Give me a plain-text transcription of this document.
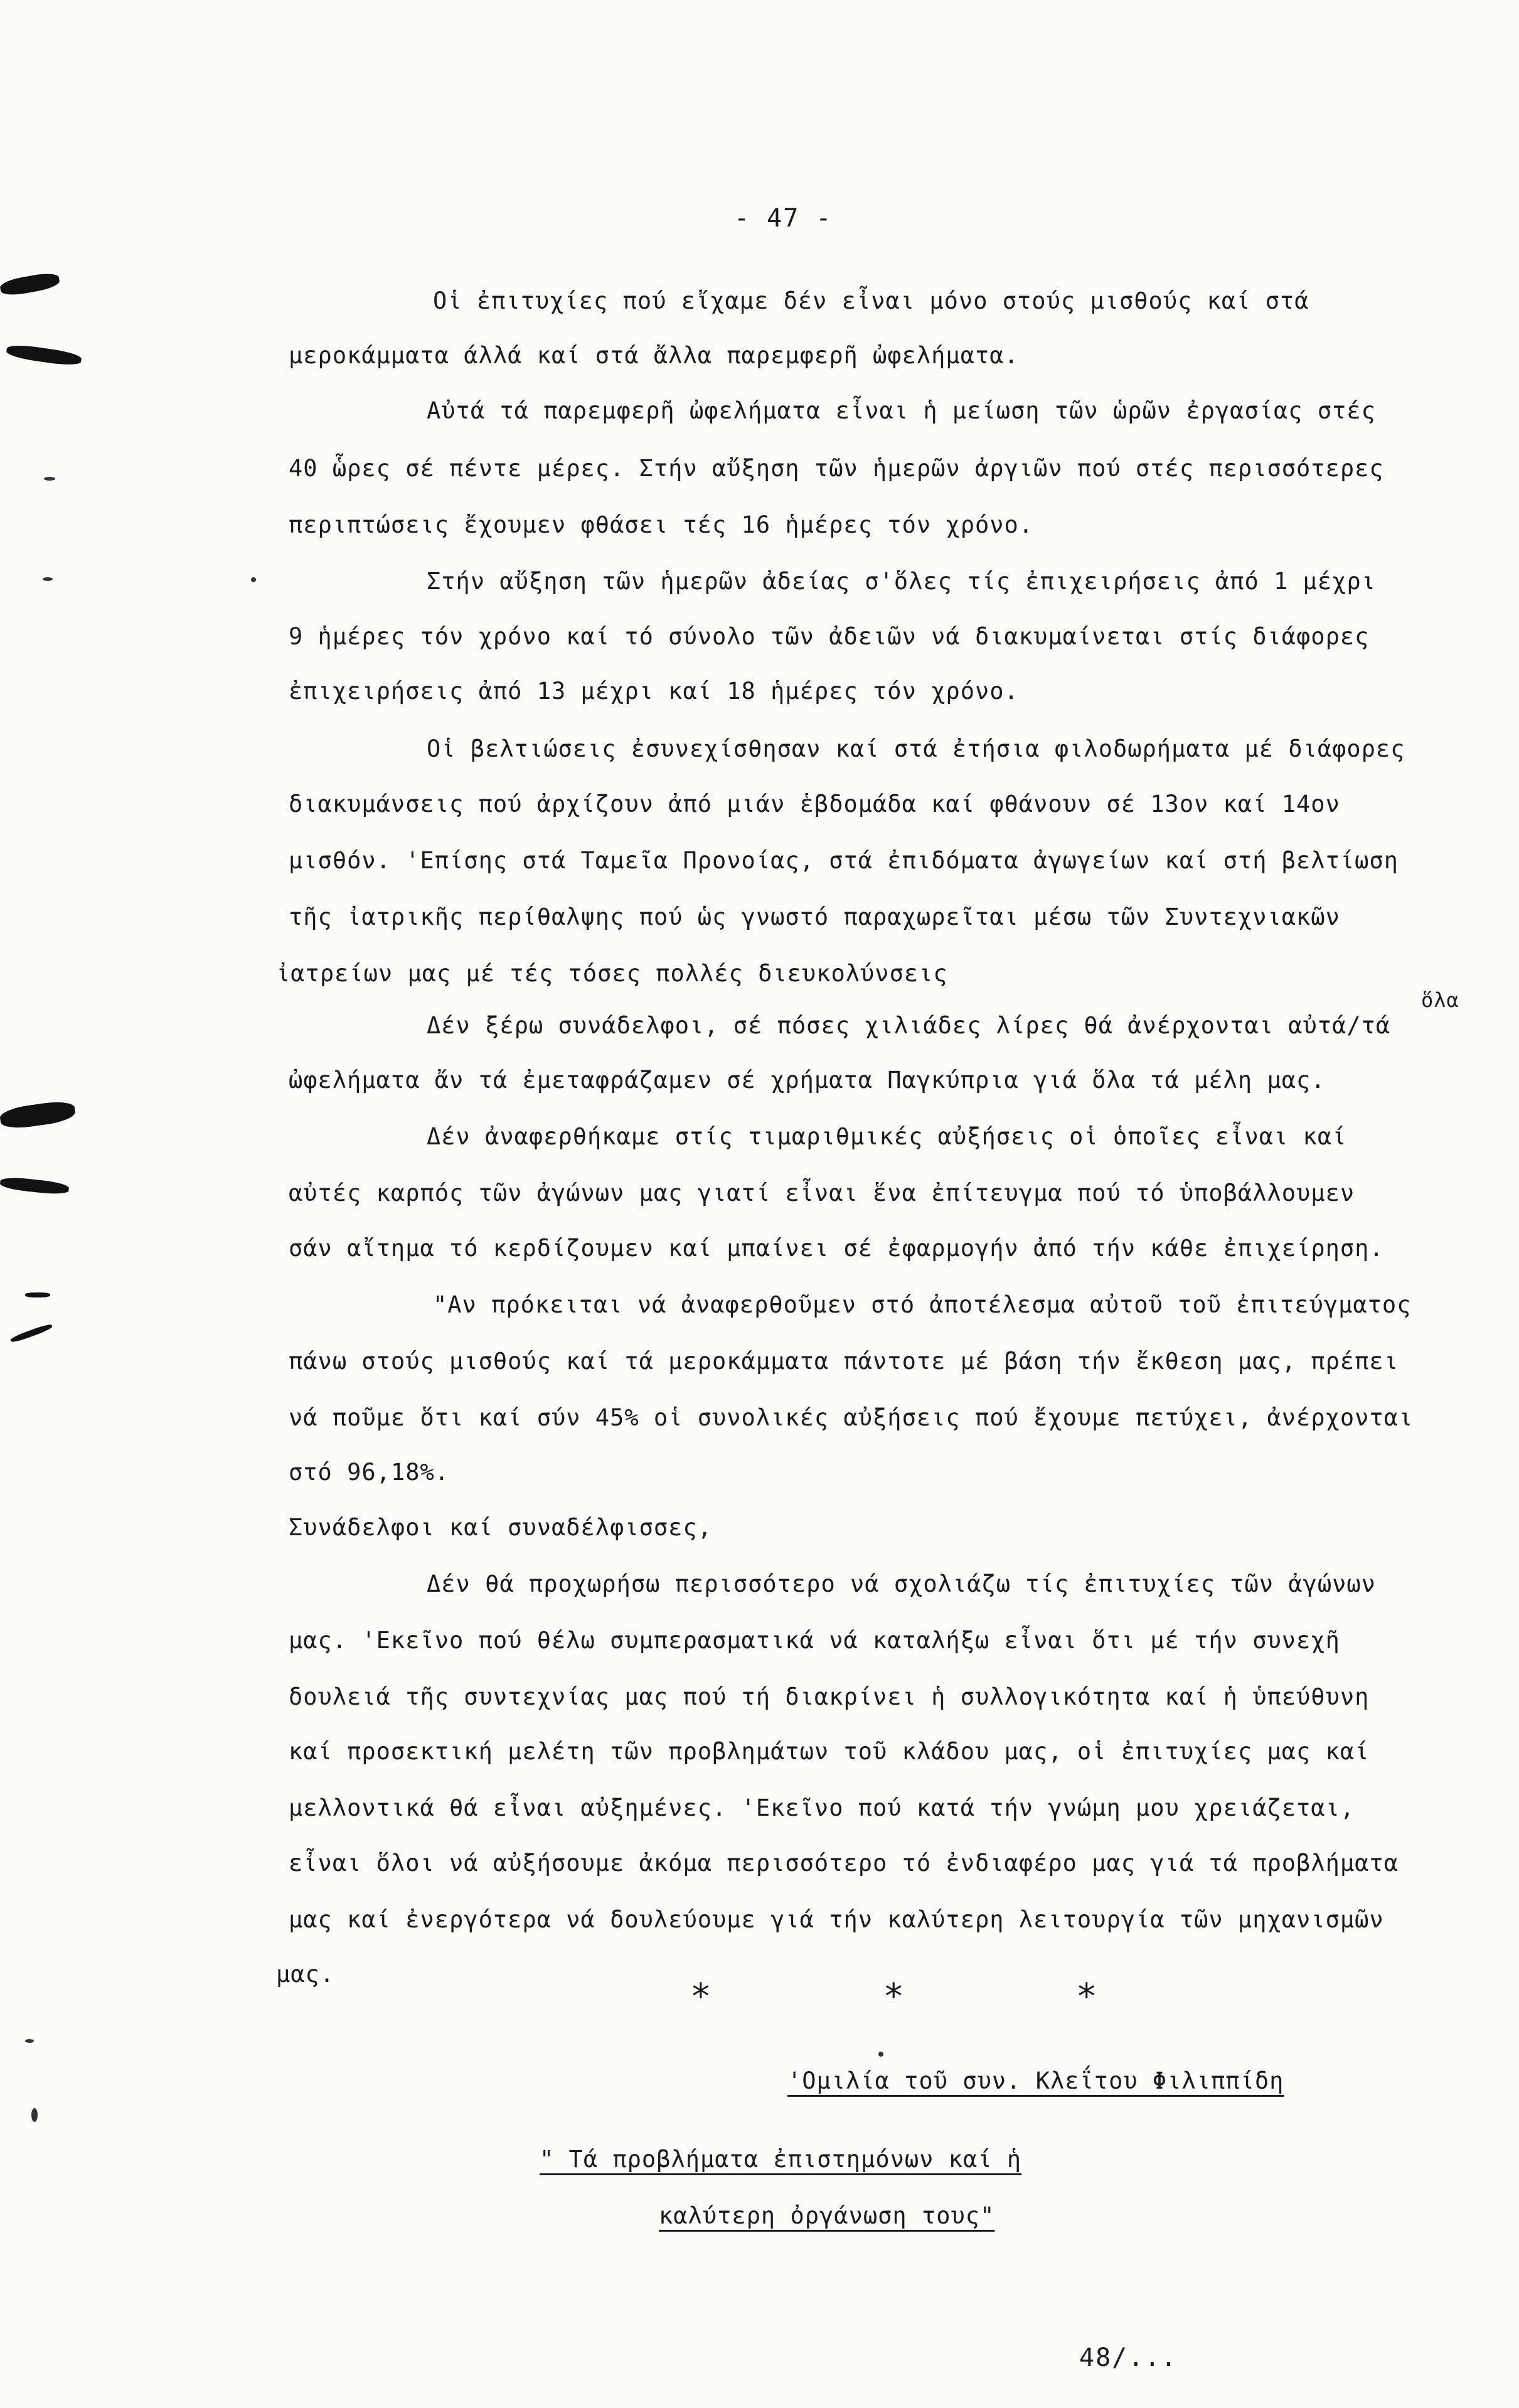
- 47 -
Οἱ ἐπιτυχίες πού εἴχαμε δέν εἶναι μόνο στούς μισθούς καί στά
μεροκάμματα άλλά καί στά ἄλλα παρεμφερῆ ὠφελήματα.
Αὐτά τά παρεμφερῆ ὠφελήματα εἶναι ἡ μείωση τῶν ὡρῶν ἐργασίας στές
40 ὧρες σέ πέντε μέρες. Στήν αὔξηση τῶν ἡμερῶν ἀργιῶν πού στές περισσότερες
περιπτώσεις ἔχουμεν φθάσει τές 16 ἡμέρες τόν χρόνο.
Στήν αὔξηση τῶν ἡμερῶν ἀδείας σ'ὅλες τίς ἐπιχειρήσεις ἀπό 1 μέχρι
9 ἡμέρες τόν χρόνο καί τό σύνολο τῶν ἀδειῶν νά διακυμαίνεται στίς διάφορες
ἐπιχειρήσεις ἀπό 13 μέχρι καί 18 ἡμέρες τόν χρόνο.
Οἱ βελτιώσεις ἐσυνεχίσθησαν καί στά ἐτήσια φιλοδωρήματα μέ διάφορες
διακυμάνσεις πού ἀρχίζουν ἀπό μιάν ἑβδομάδα καί φθάνουν σέ 13ον καί 14ον
μισθόν. 'Επίσης στά Ταμεῖα Προνοίας, στά ἐπιδόματα ἀγωγείων καί στή βελτίωση
τῆς ἰατρικῆς περίθαλψης πού ὡς γνωστό παραχωρεῖται μέσω τῶν Συντεχνιακῶν
ἰατρείων μας μέ τές τόσες πολλές διευκολύνσεις
ὅλα
Δέν ξέρω συνάδελφοι, σέ πόσες χιλιάδες λίρες θά ἀνέρχονται αὐτά/τά
ὠφελήματα ἄν τά ἐμεταφράζαμεν σέ χρήματα Παγκύπρια γιά ὅλα τά μέλη μας.
Δέν ἀναφερθήκαμε στίς τιμαριθμικές αὐξήσεις οἱ ὁποῖες εἶναι καί
αὐτές καρπός τῶν ἀγώνων μας γιατί εἶναι ἕνα ἐπίτευγμα πού τό ὑποβάλλουμεν
σάν αἴτημα τό κερδίζουμεν καί μπαίνει σέ ἐφαρμογήν ἀπό τήν κάθε ἐπιχείρηση.
"Αν πρόκειται νά ἀναφερθοῦμεν στό ἀποτέλεσμα αὐτοῦ τοῦ ἐπιτεύγματος
πάνω στούς μισθούς καί τά μεροκάμματα πάντοτε μέ βάση τήν ἔκθεση μας, πρέπει
νά ποῦμε ὅτι καί σύν 45% οἱ συνολικές αὐξήσεις πού ἔχουμε πετύχει, ἀνέρχονται
στό 96,18%.
Συνάδελφοι καί συναδέλφισσες,
Δέν θά προχωρήσω περισσότερο νά σχολιάζω τίς ἐπιτυχίες τῶν ἀγώνων
μας. 'Εκεῖνο πού θέλω συμπερασματικά νά καταλήξω εἶναι ὅτι μέ τήν συνεχῆ
δουλειά τῆς συντεχνίας μας πού τή διακρίνει ἡ συλλογικότητα καί ἡ ὑπεύθυνη
καί προσεκτική μελέτη τῶν προβλημάτων τοῦ κλάδου μας, οἱ ἐπιτυχίες μας καί
μελλοντικά θά εἶναι αὐξημένες. 'Εκεῖνο πού κατά τήν γνώμη μου χρειάζεται,
εἶναι ὅλοι νά αὐξήσουμε ἀκόμα περισσότερο τό ἐνδιαφέρο μας γιά τά προβλήματα
μας καί ἐνεργότερα νά δουλεύουμε γιά τήν καλύτερη λειτουργία τῶν μηχανισμῶν
μας.
* * *
'Ομιλία τοῦ συν. Κλεΐτου Φιλιππίδη
" Τά προβλήματα ἐπιστημόνων καί ἡ
καλύτερη ὀργάνωση τους"
48/...
